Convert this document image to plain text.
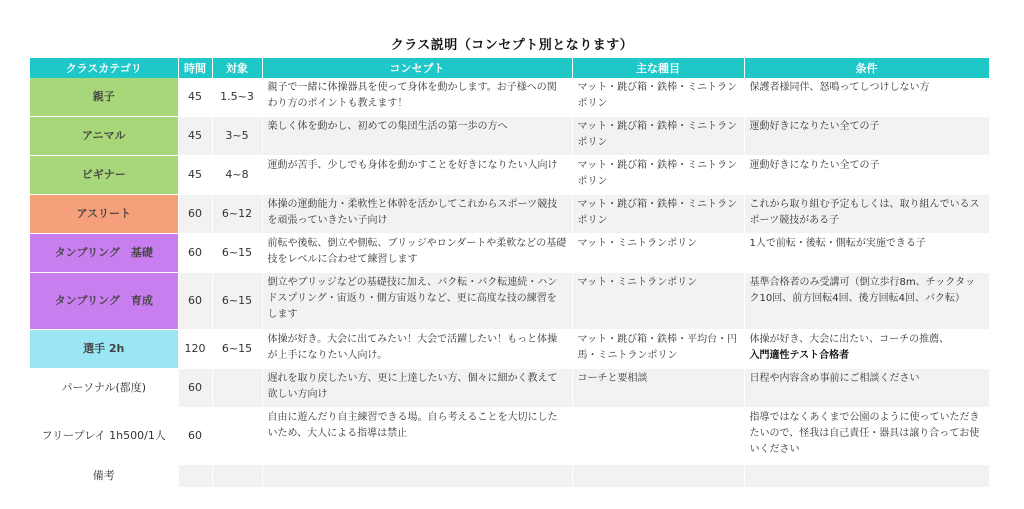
クラス説明（コンセプト別となります）
クラスカテゴリ	時間	対象	コンセプト	主な種目	条件
親子	45	1.5~3	親子で一緒に体操器具を使って身体を動かします。お子様への関わり方のポイントも教えます！	マット・跳び箱・鉄棒・ミニトランポリン	保護者様同伴、怒鳴ってしつけしない方
アニマル	45	3~5	楽しく体を動かし、初めての集団生活の第一歩の方へ	マット・跳び箱・鉄棒・ミニトランポリン	運動好きになりたい全ての子
ビギナー	45	4~8	運動が苦手、少しでも身体を動かすことを好きになりたい人向け	マット・跳び箱・鉄棒・ミニトランポリン	運動好きになりたい全ての子
アスリート	60	6~12	体操の運動能力・柔軟性と体幹を活かしてこれからスポーツ競技を頑張っていきたい子向け	マット・跳び箱・鉄棒・ミニトランポリン	これから取り組む予定もしくは、取り組んでいるスポーツ競技がある子
タンブリング　基礎	60	6~15	前転や後転、倒立や側転、ブリッジやロンダートや柔軟などの基礎技をレベルに合わせて練習します	マット・ミニトランポリン	1人で前転・後転・側転が実施できる子
タンブリング　育成	60	6~15	倒立やブリッジなどの基礎技に加え、バク転・バク転連続・ハンドスプリング・宙返り・側方宙返りなど、更に高度な技の練習をします	マット・ミニトランポリン	基準合格者のみ受講可（倒立歩行8m、チックタック10回、前方回転4回、後方回転4回、バク転）
選手 2h	120	6~15	体操が好き。大会に出てみたい！大会で活躍したい！もっと体操が上手になりたい人向け。	マット・跳び箱・鉄棒・平均台・円馬・ミニトランポリン	体操が好き、大会に出たい、コーチの推薦、
入門適性テスト合格者
パーソナル(都度)	60		遅れを取り戻したい方、更に上達したい方、個々に細かく教えて欲しい方向け	コーチと要相談	日程や内容含め事前にご相談ください
フリープレイ 1h500/1人	60		自由に遊んだり自主練習できる場。自ら考えることを大切にしたいため、大人による指導は禁止		指導ではなくあくまで公園のように使っていただきたいので、怪我は自己責任・器具は譲り合ってお使いください
備考					
